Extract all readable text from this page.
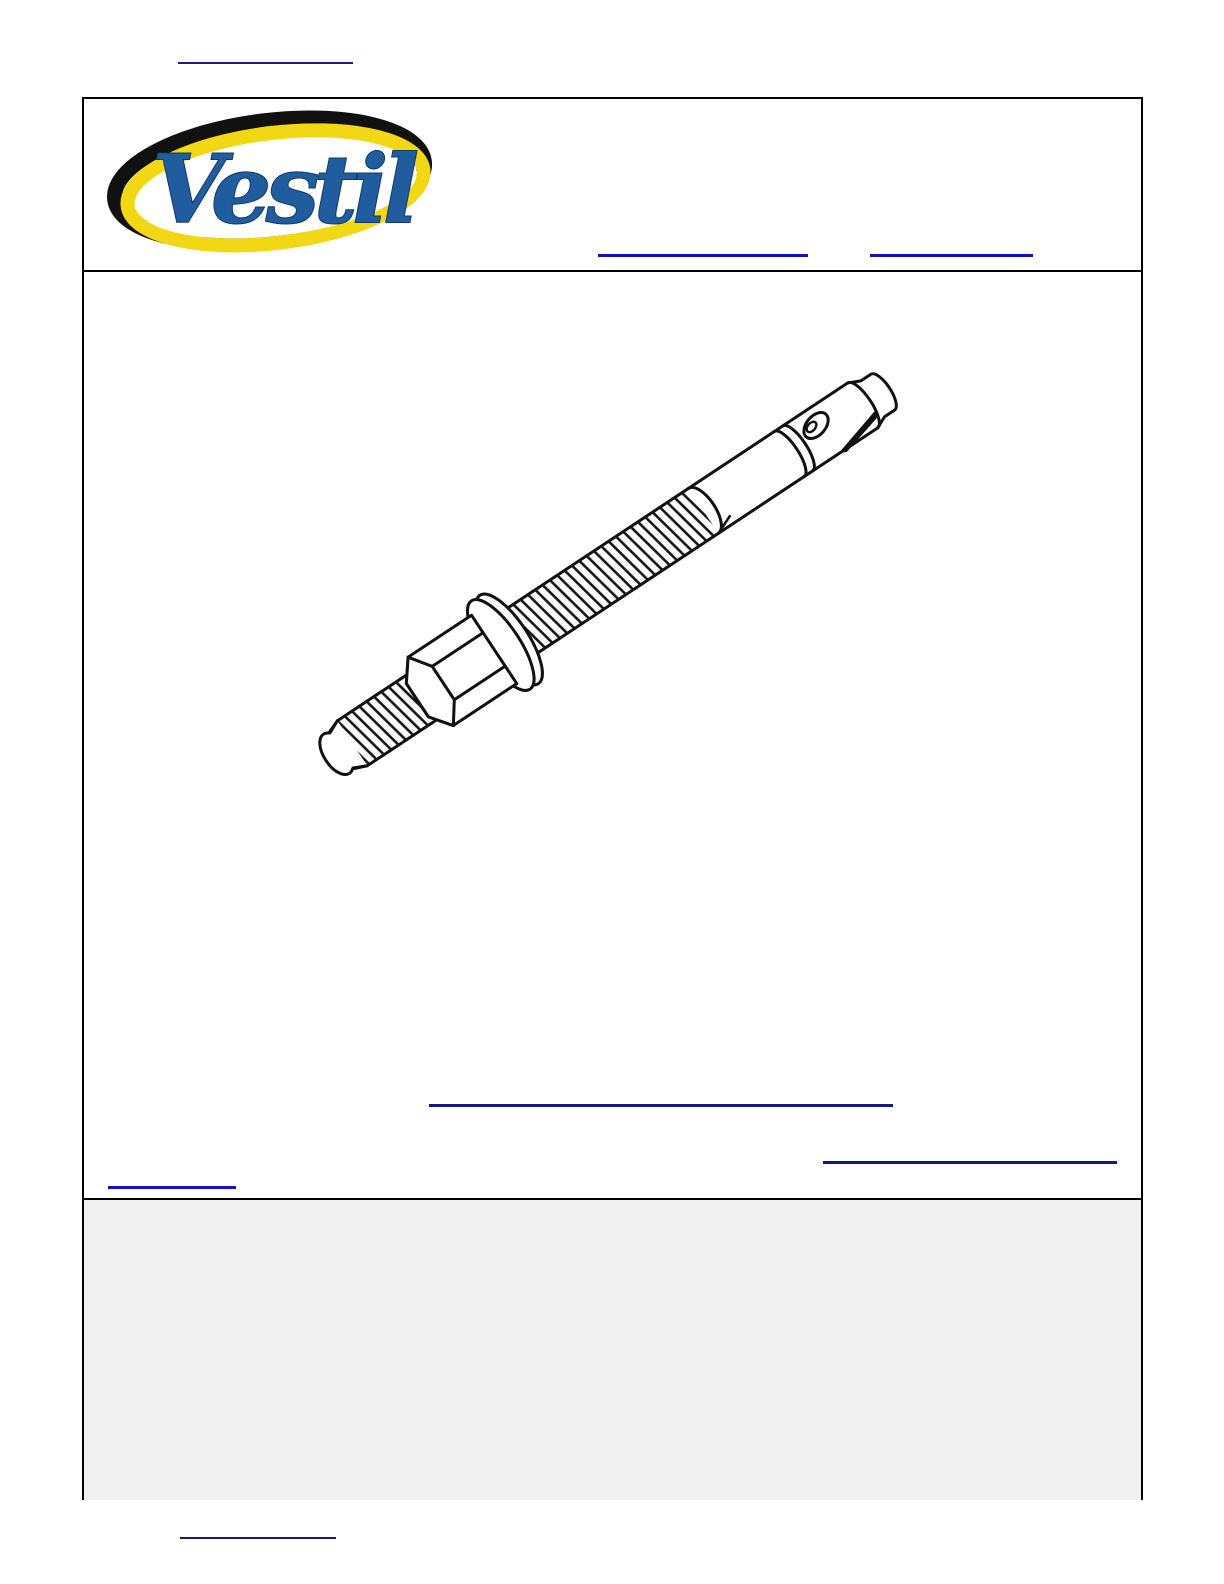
Vestil
